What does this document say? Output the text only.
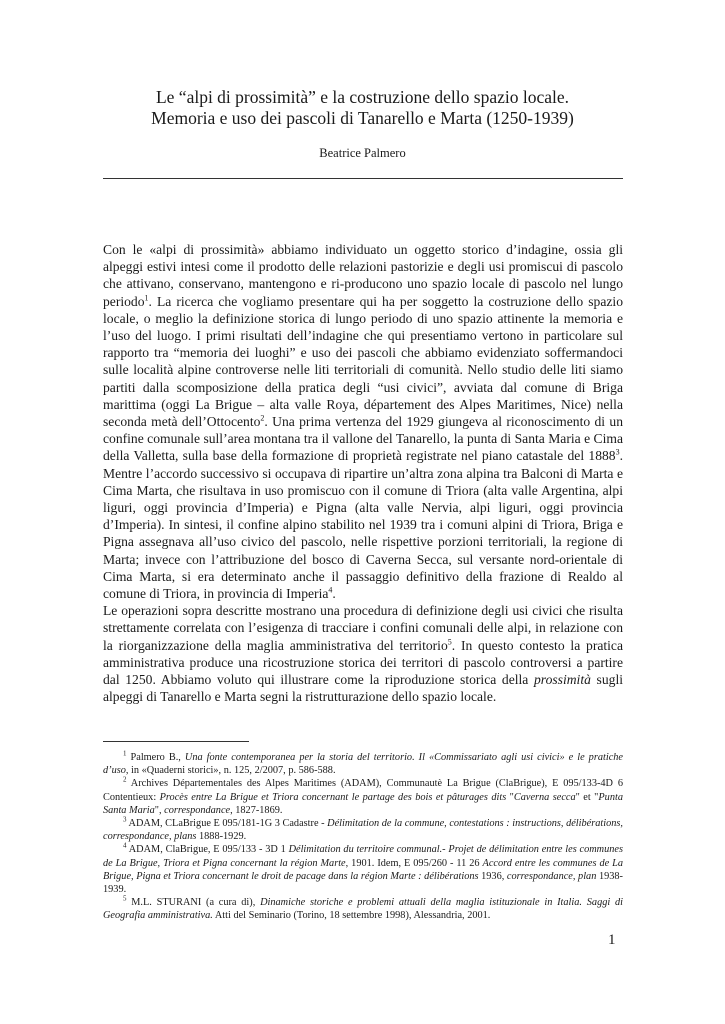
Le “alpi di prossimità” e la costruzione dello spazio locale.
Memoria e uso dei pascoli di Tanarello e Marta (1250-1939)
Beatrice Palmero

Con le «alpi di prossimità» abbiamo individuato un oggetto storico d’indagine, ossia gli alpeggi estivi intesi come il prodotto delle relazioni pastorizie e degli usi promiscui di pascolo che attivano, conservano, mantengono e ri-producono uno spazio locale di pascolo nel lungo periodo$^1$. La ricerca che vogliamo presentare qui ha per soggetto la costruzione dello spazio locale, o meglio la definizione storica di lungo periodo di uno spazio attinente la memoria e l’uso del luogo. I primi risultati dell’indagine che qui presentiamo vertono in particolare sul rapporto tra “memoria dei luoghi” e uso dei pascoli che abbiamo evidenziato soffermandoci sulle località alpine controverse nelle liti territoriali di comunità. Nello studio delle liti siamo partiti dalla scomposizione della pratica degli “usi civici”, avviata dal comune di Briga marittima (oggi La Brigue – alta valle Roya, département des Alpes Maritimes, Nice) nella seconda metà dell’Ottocento$^2$. Una prima vertenza del 1929 giungeva al riconoscimento di un confine comunale sull’area montana tra il vallone del Tanarello, la punta di Santa Maria e Cima della Valletta, sulla base della formazione di proprietà registrate nel piano catastale del 1888$^3$. Mentre l’accordo successivo si occupava di ripartire un’altra zona alpina tra Balconi di Marta e Cima Marta, che risultava in uso promiscuo con il comune di Triora (alta valle Argentina, alpi liguri, oggi provincia d’Imperia) e Pigna (alta valle Nervia, alpi liguri, oggi provincia d’Imperia). In sintesi, il confine alpino stabilito nel 1939 tra i comuni alpini di Triora, Briga e Pigna assegnava all’uso civico del pascolo, nelle rispettive porzioni territoriali, la regione di Marta; invece con l’attribuzione del bosco di Caverna Secca, sul versante nord-orientale di Cima Marta, si era determinato anche il passaggio definitivo della frazione di Realdo al comune di Triora, in provincia di Imperia$^4$.

Le operazioni sopra descritte mostrano una procedura di definizione degli usi civici che risulta strettamente correlata con l’esigenza di tracciare i confini comunali delle alpi, in relazione con la riorganizzazione della maglia amministrativa del territorio$^5$. In questo contesto la pratica amministrativa produce una ricostruzione storica dei territori di pascolo controversi a partire dal 1250. Abbiamo voluto qui illustrare come la riproduzione storica della prossimità sugli alpeggi di Tanarello e Marta segni la ristrutturazione dello spazio locale.

$^1$ Palmero B., Una fonte contemporanea per la storia del territorio. Il «Commissariato agli usi civici» e le pratiche d’uso, in «Quaderni storici», n. 125, 2/2007, p. 586-588.

$^2$ Archives Départementales des Alpes Maritimes (ADAM), Communautè La Brigue (ClaBrigue), E 095/133-4D 6 Contentieux: Procès entre La Brigue et Triora concernant le partage des bois et pâturages dits "Caverna secca" et "Punta Santa Maria", correspondance, 1827-1869.

$^3$ ADAM, CLaBrigue E 095/181-1G 3 Cadastre - Délimitation de la commune, contestations : instructions, délibérations, correspondance, plans 1888-1929.

$^4$ ADAM, ClaBrigue, E 095/133 - 3D 1 Délimitation du territoire communal.- Projet de délimitation entre les communes de La Brigue, Triora et Pigna concernant la région Marte, 1901. Idem, E 095/260 - 11 26 Accord entre les communes de La Brigue, Pigna et Triora concernant le droit de pacage dans la région Marte : délibérations 1936, correspondance, plan 1938-1939.

$^5$ M.L. STURANI (a cura di), Dinamiche storiche e problemi attuali della maglia istituzionale in Italia. Saggi di Geografia amministrativa. Atti del Seminario (Torino, 18 settembre 1998), Alessandria, 2001.

1
